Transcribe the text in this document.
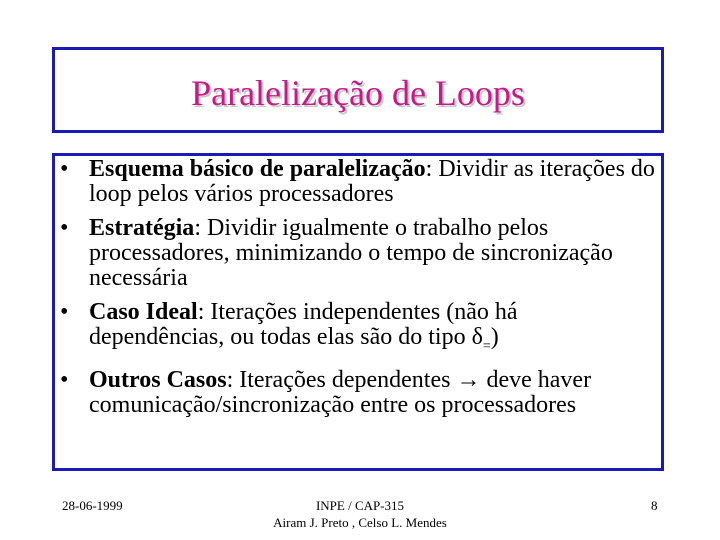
Paralelização de Loops
• Esquema básico de paralelização: Dividir as iterações do loop pelos vários processadores
• Estratégia: Dividir igualmente o trabalho pelos processadores, minimizando o tempo de sincronização necessária
• Caso Ideal: Iterações independentes (não há dependências, ou todas elas são do tipo $\delta_=$)
• Outros Casos: Iterações dependentes → deve haver comunicação/sincronização entre os processadores
28-06-1999	INPE / CAP-315
Airam J. Preto , Celso L. Mendes
8
